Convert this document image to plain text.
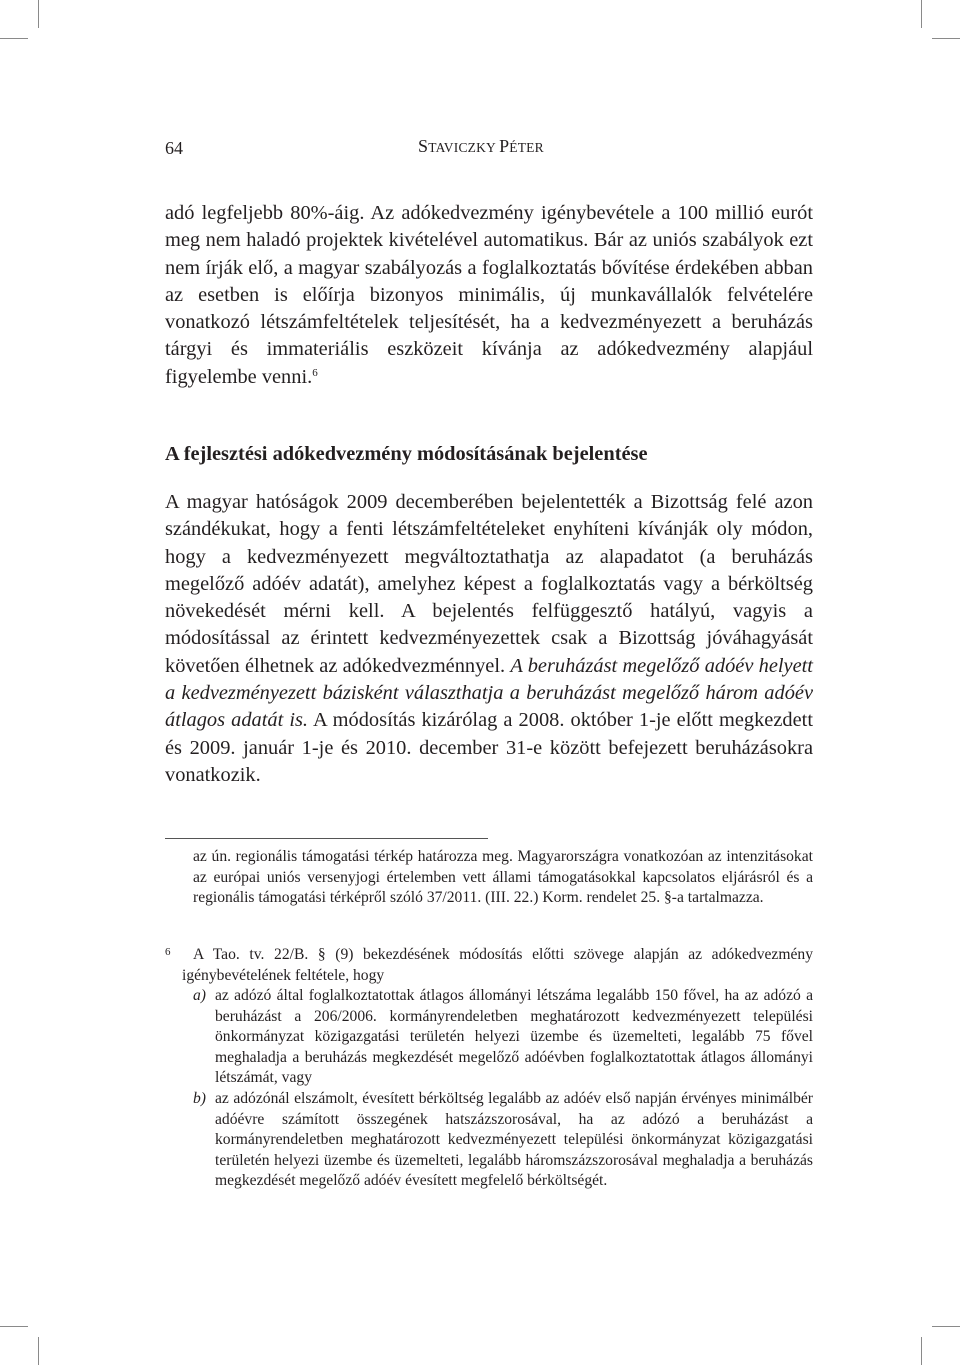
64	STAVICZKY PÉTER
adó legfeljebb 80%-áig. Az adókedvezmény igénybevétele a 100 millió eurót meg nem haladó projektek kivételével automatikus. Bár az uniós szabályok ezt nem írják elő, a magyar szabályozás a foglalkoztatás bővítése érdekében abban az esetben is előírja bizonyos minimális, új munkavállalók felvételére vonatkozó létszámfeltételek teljesítését, ha a kedvezményezett a beruházás tárgyi és immateriális eszközeit kívánja az adókedvezmény alapjául figyelembe venni.$^6$
A fejlesztési adókedvezmény módosításának bejelentése
A magyar hatóságok 2009 decemberében bejelentették a Bizottság felé azon szándékukat, hogy a fenti létszámfeltételeket enyhíteni kívánják oly módon, hogy a kedvezményezett megváltoztathatja az alapadatot (a beruházás megelőző adóév adatát), amelyhez képest a foglalkoztatás vagy a bérköltség növekedését mérni kell. A bejelentés felfüggesztő hatályú, vagyis a módosítással az érintett kedvezményezettek csak a Bizottság jóváhagyását követően élhetnek az adókedvezménnyel. A beruházást megelőző adóév helyett a kedvezményezett bázisként választhatja a beruházást megelőző három adóév átlagos adatát is. A módosítás kizárólag a 2008. október 1-je előtt megkezdett és 2009. január 1-je és 2010. december 31-e között befejezett beruházásokra vonatkozik.
az ún. regionális támogatási térkép határozza meg. Magyarországra vonatkozóan az intenzitásokat az európai uniós versenyjogi értelemben vett állami támogatásokkal kapcsolatos eljárásról és a regionális támogatási térképről szóló 37/2011. (III. 22.) Korm. rendelet 25. §-a tartalmazza.
6	A Tao. tv. 22/B. § (9) bekezdésének módosítás előtti szövege alapján az adókedvezmény igénybevételének feltétele, hogy
a) az adózó által foglalkoztatottak átlagos állományi létszáma legalább 150 fővel, ha az adózó a beruházást a 206/2006. kormányrendeletben meghatározott kedvezményezett települési önkormányzat közigazgatási területén helyezi üzembe és üzemelteti, legalább 75 fővel meghaladja a beruházás megkezdését megelőző adóévben foglalkoztatottak átlagos állományi létszámát, vagy
b) az adózónál elszámolt, évesített bérköltség legalább az adóév első napján érvényes minimálbér adóévre számított összegének hatszázszorosával, ha az adózó a beruházást a kormányrendeletben meghatározott kedvezményezett települési önkormányzat közigazgatási területén helyezi üzembe és üzemelteti, legalább háromszázszorosával meghaladja a beruházás megkezdését megelőző adóév évesített megfelelő bérköltségét.
